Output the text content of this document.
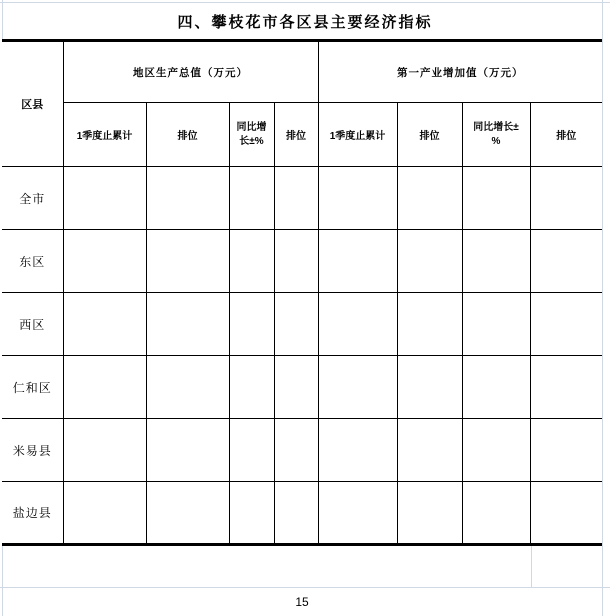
四、攀枝花市各区县主要经济指标
区县	地区生产总值（万元）				第一产业增加值（万元）			
	1季度止累计	排位	同比增长±%	排位	1季度止累计	排位	同比增长±%	排位
全市								
东区								
西区								
仁和区								
米易县								
盐边县								
15
